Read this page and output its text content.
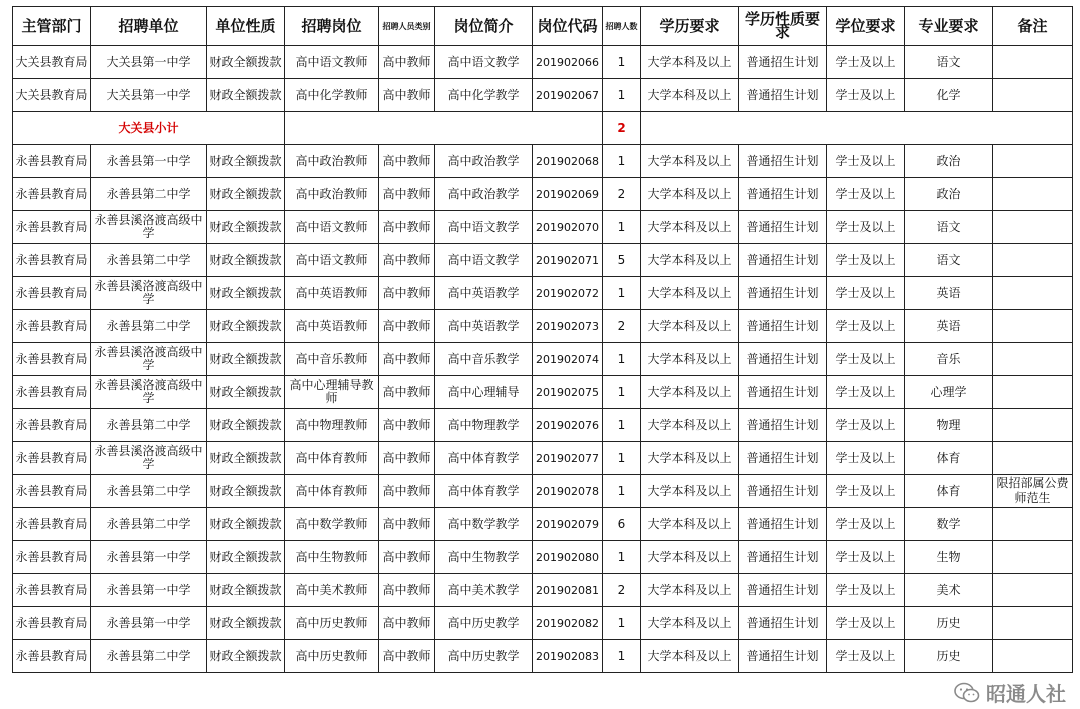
主管部门	招聘单位	单位性质	招聘岗位	招聘人员类别	岗位简介	岗位代码	招聘人数	学历要求	学历性质要求	学位要求	专业要求	备注
大关县教育局	大关县第一中学	财政全额拨款	高中语文教师	高中教师	高中语文教学	201902066	1	大学本科及以上	普通招生计划	学士及以上	语文	
大关县教育局	大关县第一中学	财政全额拨款	高中化学教师	高中教师	高中化学教学	201902067	1	大学本科及以上	普通招生计划	学士及以上	化学	
大关县小计							2					
永善县教育局	永善县第一中学	财政全额拨款	高中政治教师	高中教师	高中政治教学	201902068	1	大学本科及以上	普通招生计划	学士及以上	政治	
永善县教育局	永善县第二中学	财政全额拨款	高中政治教师	高中教师	高中政治教学	201902069	2	大学本科及以上	普通招生计划	学士及以上	政治	
永善县教育局	永善县溪洛渡高级中学	财政全额拨款	高中语文教师	高中教师	高中语文教学	201902070	1	大学本科及以上	普通招生计划	学士及以上	语文	
永善县教育局	永善县第二中学	财政全额拨款	高中语文教师	高中教师	高中语文教学	201902071	5	大学本科及以上	普通招生计划	学士及以上	语文	
永善县教育局	永善县溪洛渡高级中学	财政全额拨款	高中英语教师	高中教师	高中英语教学	201902072	1	大学本科及以上	普通招生计划	学士及以上	英语	
永善县教育局	永善县第二中学	财政全额拨款	高中英语教师	高中教师	高中英语教学	201902073	2	大学本科及以上	普通招生计划	学士及以上	英语	
永善县教育局	永善县溪洛渡高级中学	财政全额拨款	高中音乐教师	高中教师	高中音乐教学	201902074	1	大学本科及以上	普通招生计划	学士及以上	音乐	
永善县教育局	永善县溪洛渡高级中学	财政全额拨款	高中心理辅导教师	高中教师	高中心理辅导	201902075	1	大学本科及以上	普通招生计划	学士及以上	心理学	
永善县教育局	永善县第二中学	财政全额拨款	高中物理教师	高中教师	高中物理教学	201902076	1	大学本科及以上	普通招生计划	学士及以上	物理	
永善县教育局	永善县溪洛渡高级中学	财政全额拨款	高中体育教师	高中教师	高中体育教学	201902077	1	大学本科及以上	普通招生计划	学士及以上	体育	
永善县教育局	永善县第二中学	财政全额拨款	高中体育教师	高中教师	高中体育教学	201902078	1	大学本科及以上	普通招生计划	学士及以上	体育	限招部属公费师范生
永善县教育局	永善县第二中学	财政全额拨款	高中数学教师	高中教师	高中数学教学	201902079	6	大学本科及以上	普通招生计划	学士及以上	数学	
永善县教育局	永善县第一中学	财政全额拨款	高中生物教师	高中教师	高中生物教学	201902080	1	大学本科及以上	普通招生计划	学士及以上	生物	
永善县教育局	永善县第一中学	财政全额拨款	高中美术教师	高中教师	高中美术教学	201902081	2	大学本科及以上	普通招生计划	学士及以上	美术	
永善县教育局	永善县第一中学	财政全额拨款	高中历史教师	高中教师	高中历史教学	201902082	1	大学本科及以上	普通招生计划	学士及以上	历史	
永善县教育局	永善县第二中学	财政全额拨款	高中历史教师	高中教师	高中历史教学	201902083	1	大学本科及以上	普通招生计划	学士及以上	历史	
昭通人社
